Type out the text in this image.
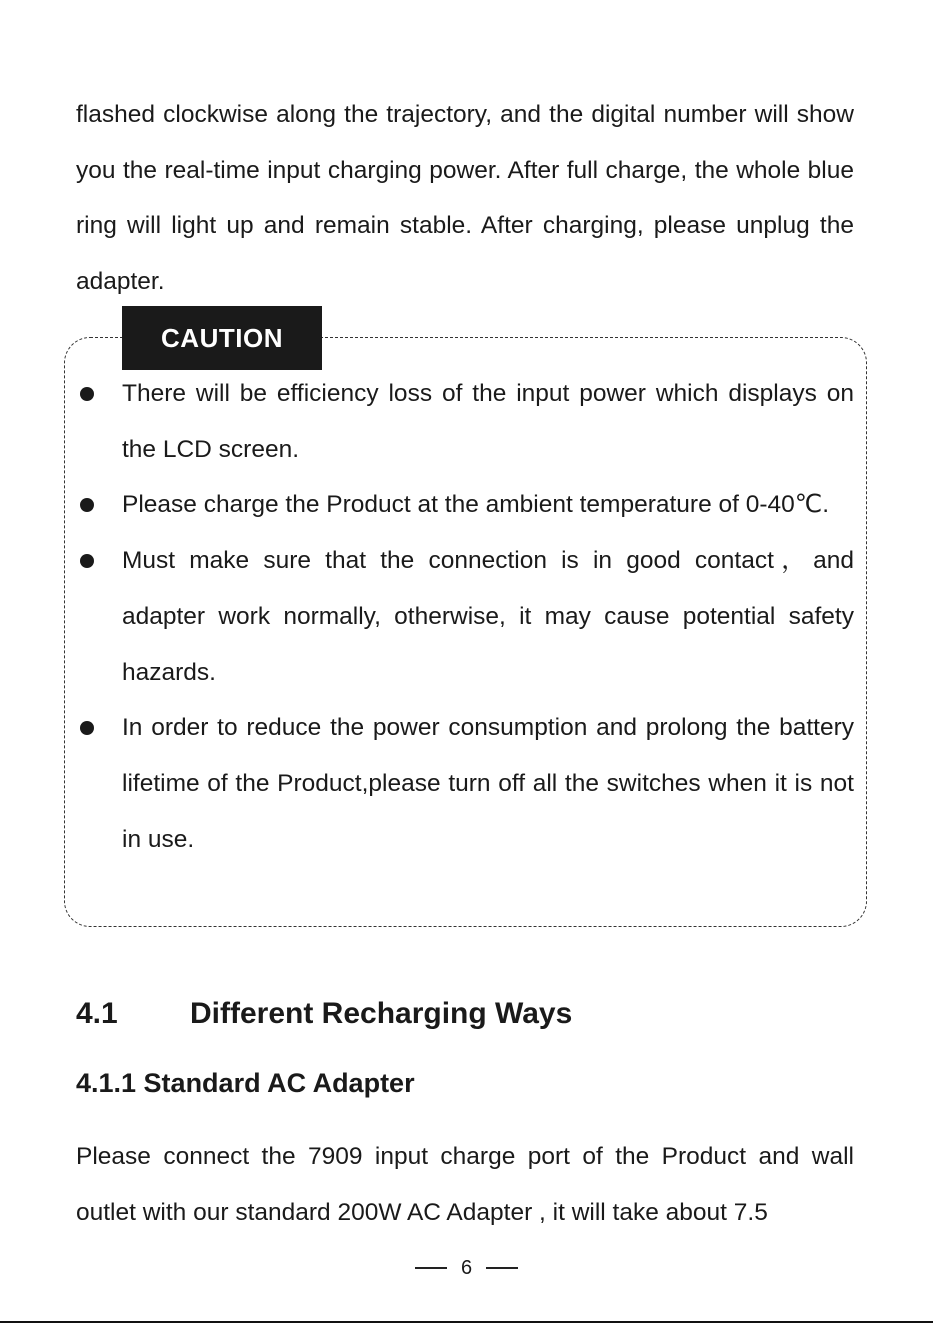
flashed clockwise along the trajectory, and the digital number will show you the real-time input charging power. After full charge, the whole blue ring will light up and remain stable. After charging, please unplug the adapter.

CAUTION
There will be efficiency loss of the input power which displays on the LCD screen.
Please charge the Product at the ambient temperature of 0-40℃.
Must make sure that the connection is in good contact，and adapter work normally, otherwise, it may cause potential safety hazards.
In order to reduce the power consumption and prolong the battery lifetime of the Product,please turn off all the switches when it is not in use.
4.1 Different Recharging Ways
4.1.1 Standard AC Adapter

Please connect the 7909 input charge port of the Product and wall outlet with our standard 200W AC Adapter , it will take about 7.5

6
